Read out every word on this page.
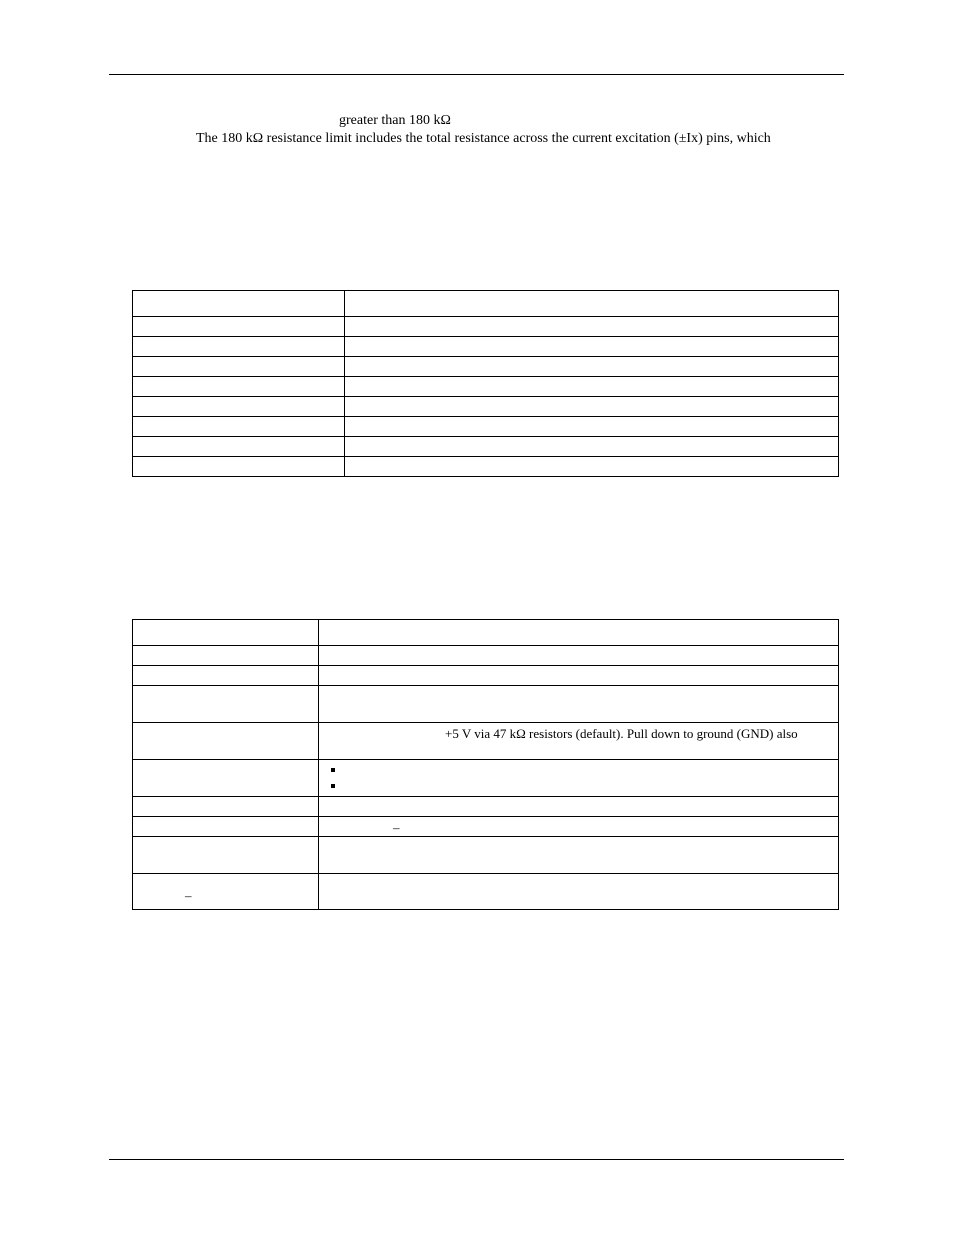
greater than 180 kΩ
The 180 kΩ resistance limit includes the total resistance across the current excitation (±Ix) pins, which

	+5 V via 47 kΩ resistors (default). Pull down to ground (GND) also

	–

–	
